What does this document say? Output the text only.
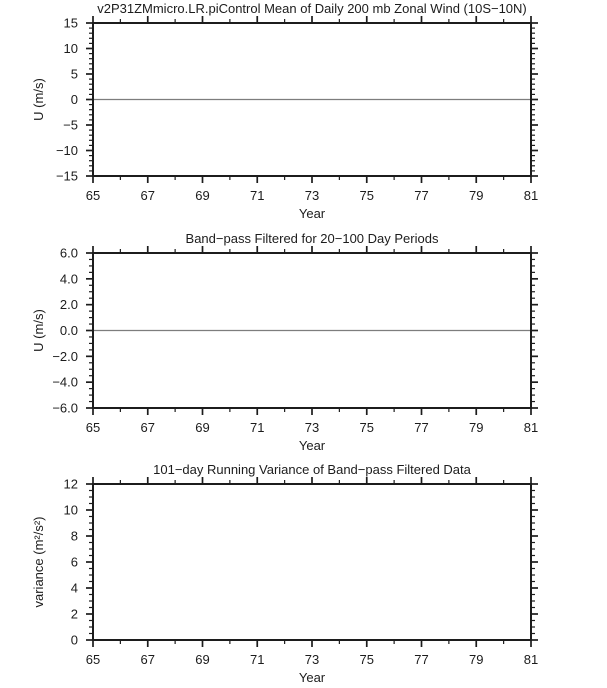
65	67	69	71	73	75	77	79	81
15
10
5
0
−5
−10
−15
v2P31ZMmicro.LR.piControl Mean of Daily 200 mb Zonal Wind (10S−10N)
Year
U (m/s)
65	67	69	71	73	75	77	79	81
6.0
4.0
2.0
0.0
−2.0
−4.0
−6.0
Band−pass Filtered for 20−100 Day Periods
Year
U (m/s)
65	67	69	71	73	75	77	79	81
12
10
8
6
4
2
0
101−day Running Variance of Band−pass Filtered Data
Year
variance (m²/s²)
